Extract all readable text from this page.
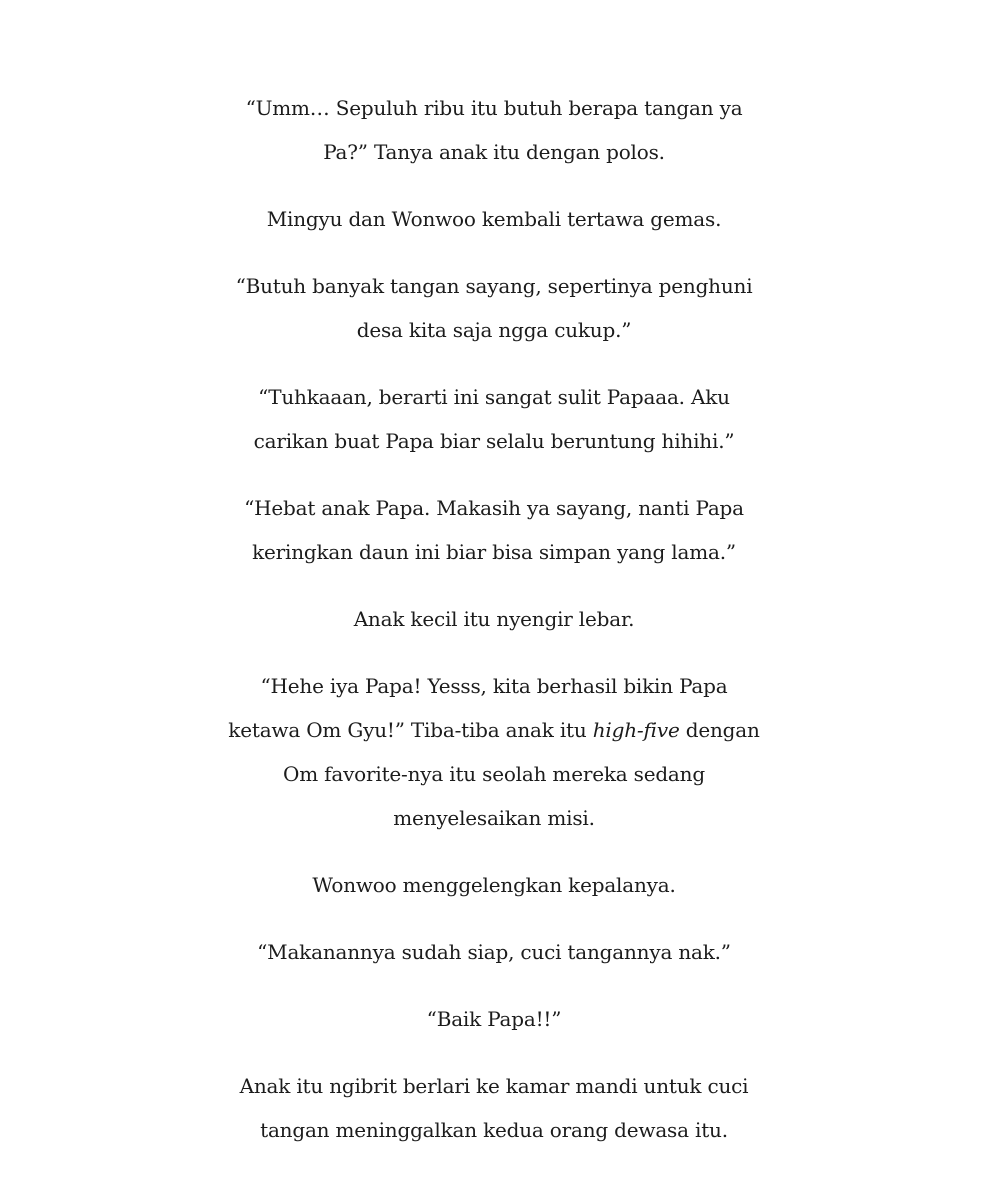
“Umm… Sepuluh ribu itu butuh berapa tangan ya
Pa?” Tanya anak itu dengan polos.

Mingyu dan Wonwoo kembali tertawa gemas.

“Butuh banyak tangan sayang, sepertinya penghuni
desa kita saja ngga cukup.”

“Tuhkaaan, berarti ini sangat sulit Papaaa. Aku
carikan buat Papa biar selalu beruntung hihihi.”

“Hebat anak Papa. Makasih ya sayang, nanti Papa
keringkan daun ini biar bisa simpan yang lama.”

Anak kecil itu nyengir lebar.

“Hehe iya Papa! Yesss, kita berhasil bikin Papa
ketawa Om Gyu!” Tiba-tiba anak itu high-five dengan
Om favorite-nya itu seolah mereka sedang
menyelesaikan misi.

Wonwoo menggelengkan kepalanya.

“Makanannya sudah siap, cuci tangannya nak.”

“Baik Papa!!”

Anak itu ngibrit berlari ke kamar mandi untuk cuci
tangan meninggalkan kedua orang dewasa itu.
